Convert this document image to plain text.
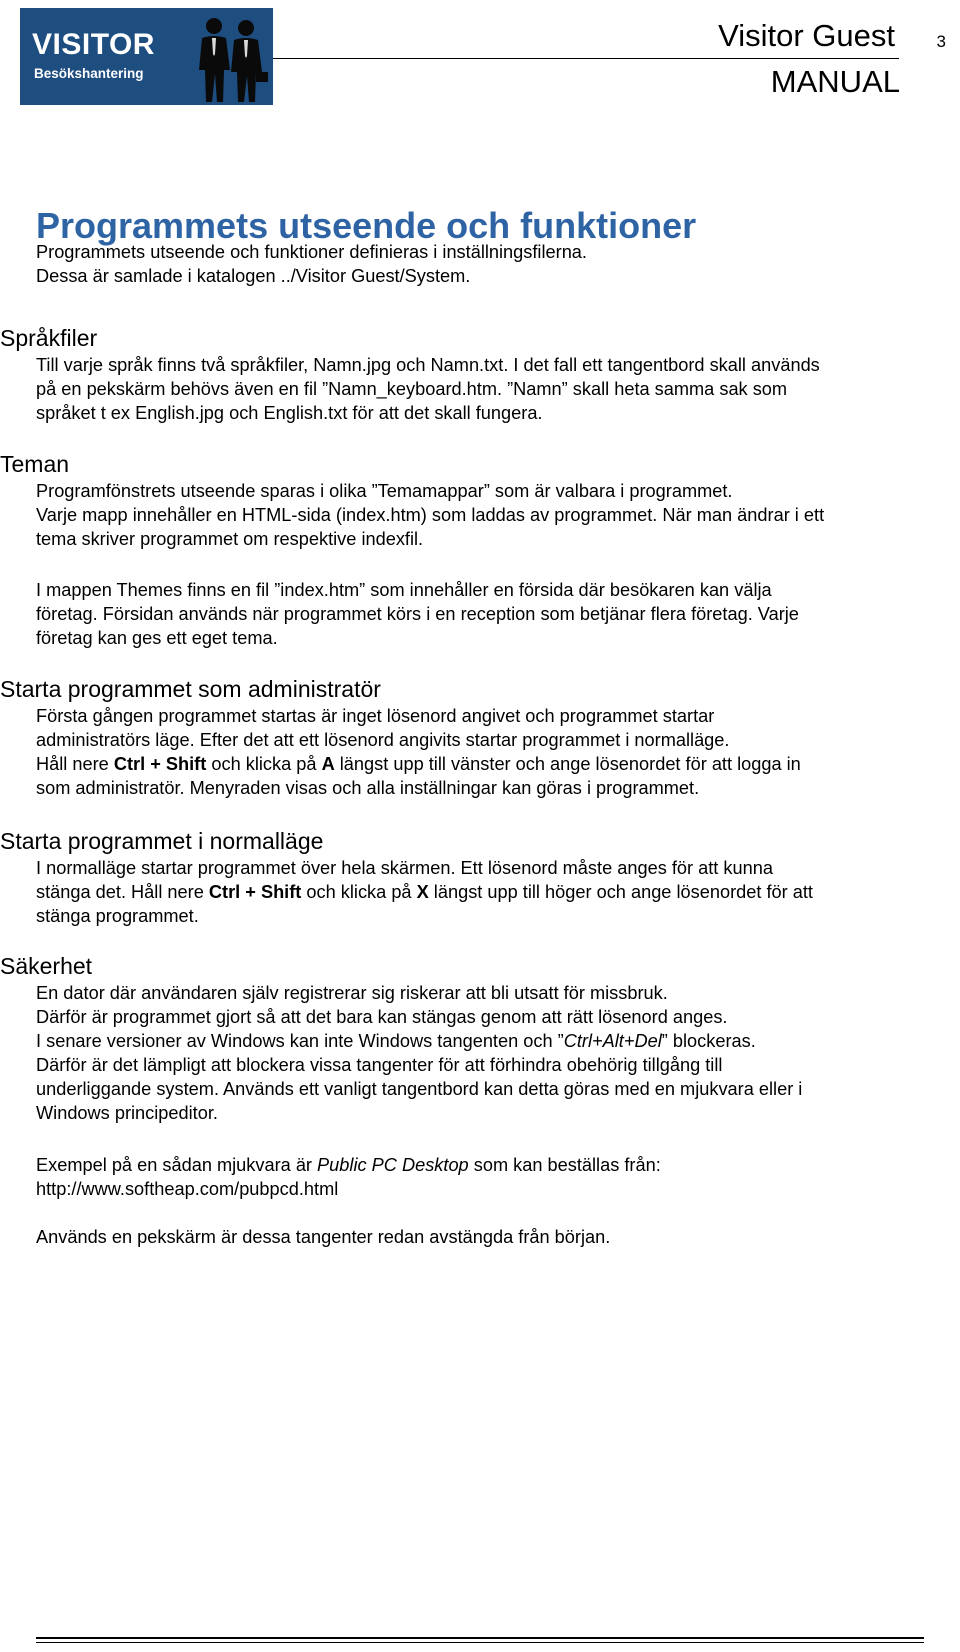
VISITOR
Besökshantering
Visitor Guest
MANUAL
3
Programmets utseende och funktioner
Programmets utseende och funktioner definieras i inställningsfilerna.
Dessa är samlade i katalogen ../Visitor Guest/System.
Språkfiler
Till varje språk finns två språkfiler, Namn.jpg och Namn.txt. I det fall ett tangentbord skall används
på en pekskärm behövs även en fil ”Namn_keyboard.htm. ”Namn” skall heta samma sak som
språket t ex English.jpg och English.txt för att det skall fungera.
Teman
Programfönstrets utseende sparas i olika ”Temamappar” som är valbara i programmet.
Varje mapp innehåller en HTML-sida (index.htm) som laddas av programmet. När man ändrar i ett
tema skriver programmet om respektive indexfil.
I mappen Themes finns en fil ”index.htm” som innehåller en försida där besökaren kan välja
företag. Försidan används när programmet körs i en reception som betjänar flera företag. Varje
företag kan ges ett eget tema.
Starta programmet som administratör
Första gången programmet startas är inget lösenord angivet och programmet startar
administratörs läge. Efter det att ett lösenord angivits startar programmet i normalläge.
Håll nere Ctrl + Shift och klicka på A längst upp till vänster och ange lösenordet för att logga in
som administratör. Menyraden visas och alla inställningar kan göras i programmet.
Starta programmet i normalläge
I normalläge startar programmet över hela skärmen. Ett lösenord måste anges för att kunna
stänga det. Håll nere Ctrl + Shift och klicka på X längst upp till höger och ange lösenordet för att
stänga programmet.
Säkerhet
En dator där användaren själv registrerar sig riskerar att bli utsatt för missbruk.
Därför är programmet gjort så att det bara kan stängas genom att rätt lösenord anges.
I senare versioner av Windows kan inte Windows tangenten och ”Ctrl+Alt+Del” blockeras.
Därför är det lämpligt att blockera vissa tangenter för att förhindra obehörig tillgång till
underliggande system. Används ett vanligt tangentbord kan detta göras med en mjukvara eller i
Windows principeditor.
Exempel på en sådan mjukvara är Public PC Desktop som kan beställas från:
http://www.softheap.com/pubpcd.html
Används en pekskärm är dessa tangenter redan avstängda från början.
